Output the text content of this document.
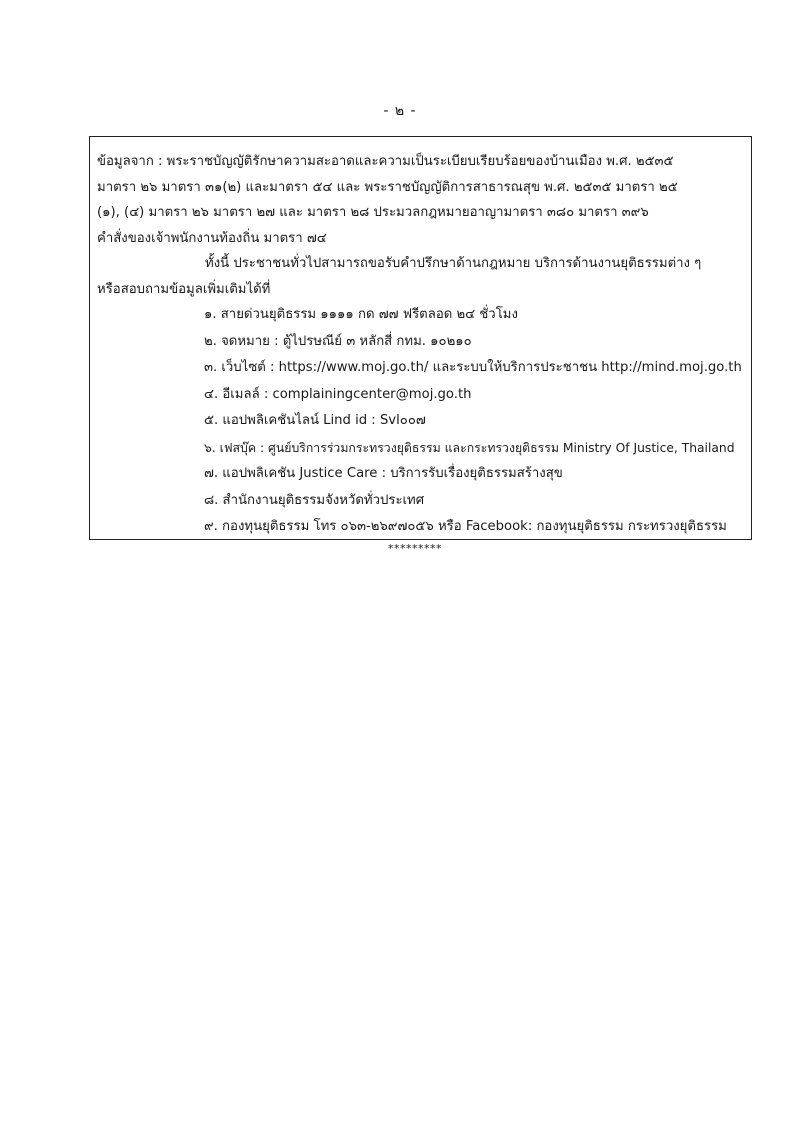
- ๒ -

ข้อมูลจาก : พระราชบัญญัติรักษาความสะอาดและความเป็นระเบียบเรียบร้อยของบ้านเมือง พ.ศ. ๒๕๓๕
มาตรา ๒๖ มาตรา ๓๑(๒) และมาตรา ๕๔ และ พระราชบัญญัติการสาธารณสุข พ.ศ. ๒๕๓๕ มาตรา ๒๕
(๑), (๔) มาตรา ๒๖ มาตรา ๒๗ และ มาตรา ๒๘ ประมวลกฎหมายอาญามาตรา ๓๘๐ มาตรา ๓๙๖
คำสั่งของเจ้าพนักงานท้องถิ่น มาตรา ๗๔

ทั้งนี้ ประชาชนทั่วไปสามารถขอรับคำปรึกษาด้านกฎหมาย บริการด้านงานยุติธรรมต่าง ๆ
หรือสอบถามข้อมูลเพิ่มเติมได้ที่

๑. สายด่วนยุติธรรม ๑๑๑๑ กด ๗๗ ฟรีตลอด ๒๔ ชั่วโมง
๒. จดหมาย : ตู้ไปรษณีย์ ๓ หลักสี่ กทม. ๑๐๒๑๐
๓. เว็บไซต์ : https://www.moj.go.th/ และระบบให้บริการประชาชน http://mind.moj.go.th
๔. อีเมลล์ : complainingcenter@moj.go.th
๕. แอปพลิเคชันไลน์ Lind id : Svl๐๐๗
๖. เฟสบุ๊ค : ศูนย์บริการร่วมกระทรวงยุติธรรม และกระทรวงยุติธรรม Ministry Of Justice, Thailand
๗. แอปพลิเคชัน Justice Care : บริการรับเรื่องยุติธรรมสร้างสุข
๘. สำนักงานยุติธรรมจังหวัดทั่วประเทศ
๙. กองทุนยุติธรรม โทร ๐๖๓-๒๖๙๗๐๕๖ หรือ Facebook: กองทุนยุติธรรม กระทรวงยุติธรรม
*********
